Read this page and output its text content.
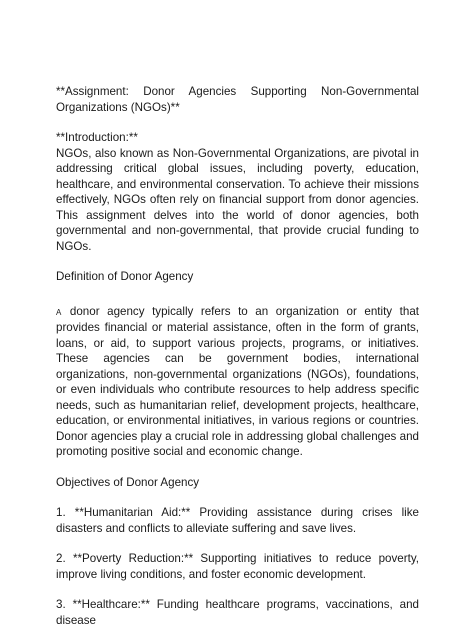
**Assignment: Donor Agencies Supporting Non-Governmental

Organizations (NGOs)**

**Introduction:**

NGOs, also known as Non-Governmental Organizations, are pivotal in addressing critical global issues, including poverty, education, healthcare, and environmental conservation. To achieve their missions effectively, NGOs often rely on financial support from donor agencies. This assignment delves into the world of donor agencies, both governmental and non-governmental, that provide crucial funding to NGOs.

Definition of Donor Agency

A donor agency typically refers to an organization or entity that provides financial or material assistance, often in the form of grants, loans, or aid, to support various projects, programs, or initiatives. These agencies can be government bodies, international organizations, non-governmental organizations (NGOs), foundations, or even individuals who contribute resources to help address specific needs, such as humanitarian relief, development projects, healthcare, education, or environmental initiatives, in various regions or countries. Donor agencies play a crucial role in addressing global challenges and promoting positive social and economic change.

Objectives of Donor Agency

1. **Humanitarian Aid:** Providing assistance during crises like disasters and conflicts to alleviate suffering and save lives.

2. **Poverty Reduction:** Supporting initiatives to reduce poverty, improve living conditions, and foster economic development.

3. **Healthcare:** Funding healthcare programs, vaccinations, and disease
